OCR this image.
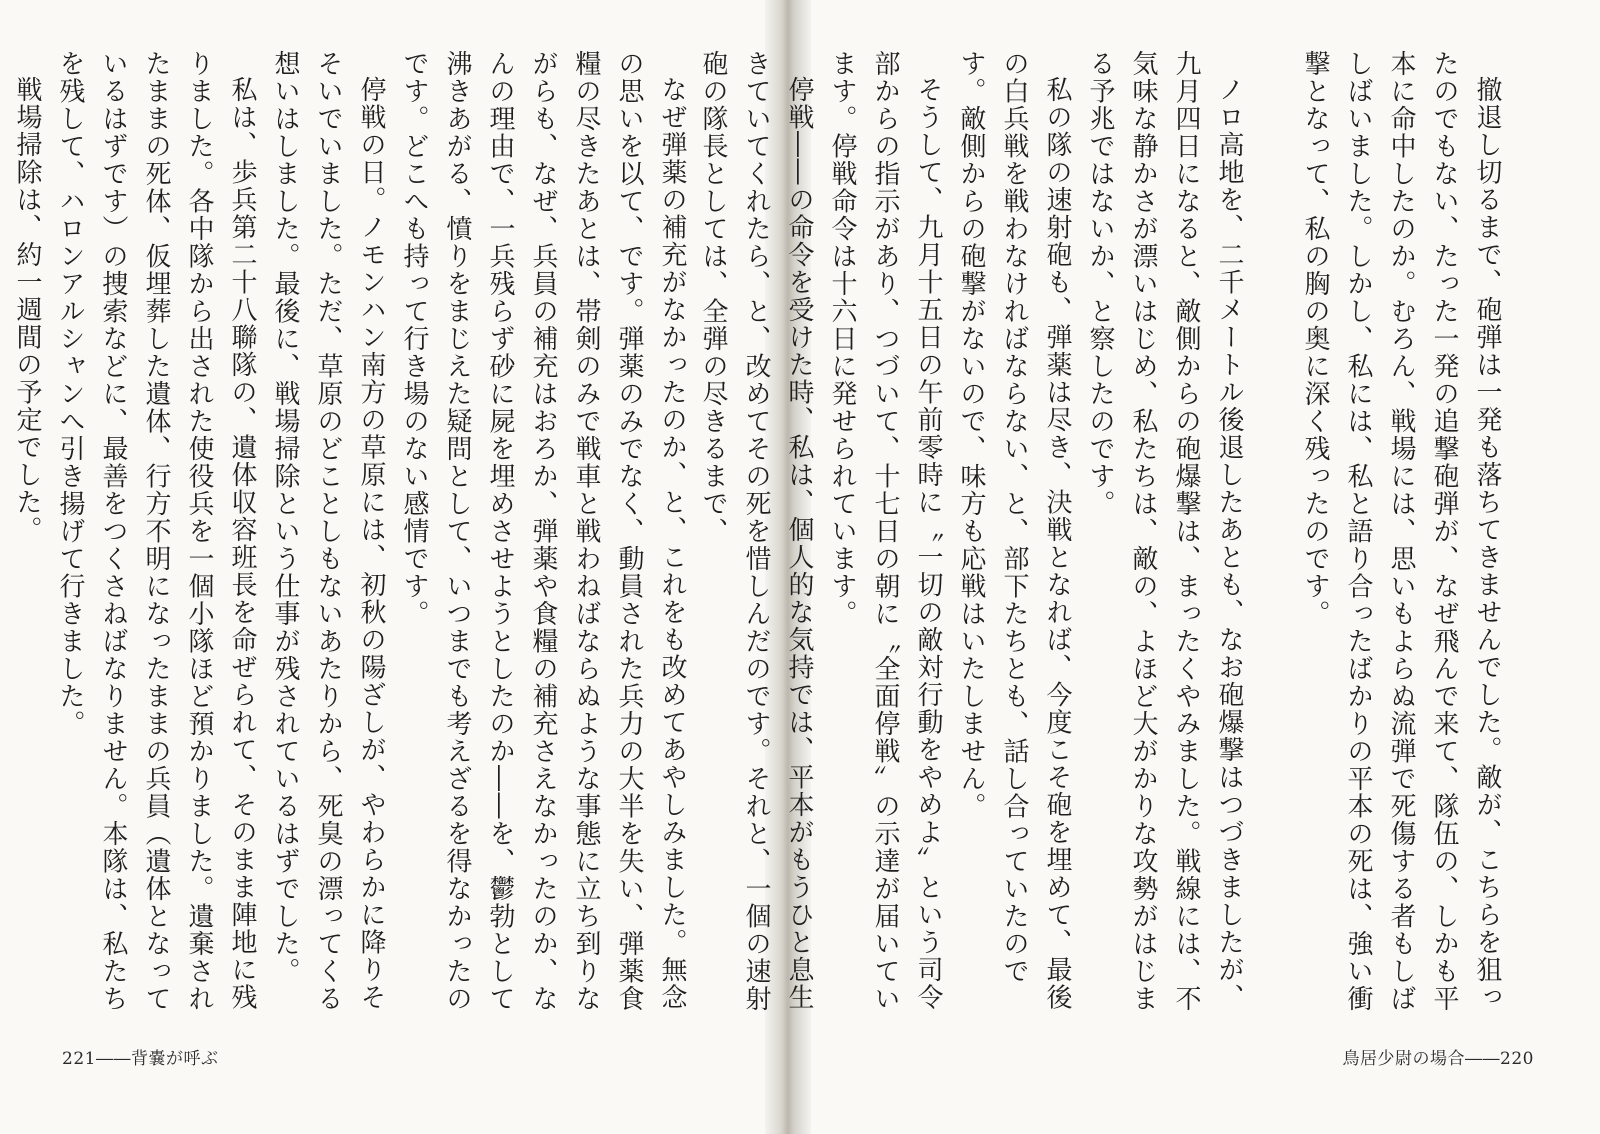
なぜ弾薬の補充がなかったのか、と、これをも改めてあやしみました。無念の思いを以て、です。弾薬のみでなく、動員された兵力の大半を失い、弾薬食糧の尽きたあとは、帯剣のみで戦車と戦わねばならぬような事態に立ち到りながらも、なぜ、兵員の補充はおろか、弾薬や食糧の補充さえなかったのか、なんの理由で、一兵残らず砂に屍を埋めさせようとしたのか――を、鬱勃として沸きあがる、憤りをまじえた疑問として、いつまでも考えざるを得なかったのです。どこへも持って行き場のない感情です。

停戦の日。ノモンハン南方の草原には、初秋の陽ざしが、やわらかに降りそそいでいました。ただ、草原のどことしもないあたりから、死臭の漂ってくる想いはしました。最後に、戦場掃除という仕事が残されているはずでした。

私は、歩兵第二十八聯隊の、遺体収容班長を命ぜられて、そのまま陣地に残りました。各中隊から出された使役兵を一個小隊ほど預かりました。遺棄されたままの死体、仮埋葬した遺体、行方不明になったままの兵員（遺体となっているはずです）の捜索などに、最善をつくさねばなりません。本隊は、私たちを残して、ハロンアルシャンへ引き揚げて行きました。

戦場掃除は、約一週間の予定でした。

221――背嚢が呼ぶ

撤退し切るまで、砲弾は一発も落ちてきませんでした。敵が、こちらを狙ったのでもない、たった一発の追撃砲弾が、なぜ飛んで来て、隊伍の、しかも平本に命中したのか。むろん、戦場には、思いもよらぬ流弾で死傷する者もしばしばいました。しかし、私には、私と語り合ったばかりの平本の死は、強い衝撃となって、私の胸の奥に深く残ったのです。

ノロ高地を、二千メートル後退したあとも、なお砲爆撃はつづきましたが、九月四日になると、敵側からの砲爆撃は、まったくやみました。戦線には、不気味な静かさが漂いはじめ、私たちは、敵の、よほど大がかりな攻勢がはじまる予兆ではないか、と察したのです。

私の隊の速射砲も、弾薬は尽き、決戦となれば、今度こそ砲を埋めて、最後の白兵戦を戦わなければならない、と、部下たちとも、話し合っていたのです。敵側からの砲撃がないので、味方も応戦はいたしません。

そうして、九月十五日の午前零時に〝一切の敵対行動をやめよ〟という司令部からの指示があり、つづいて、十七日の朝に〝全面停戦〟の示達が届いています。停戦命令は十六日に発せられています。

停戦――の命令を受けた時、私は、個人的な気持では、平本がもうひと息生きていてくれたら、と、改めてその死を惜しんだのです。それと、一個の速射砲の隊長としては、全弾の尽きるまで、

鳥居少尉の場合――220
